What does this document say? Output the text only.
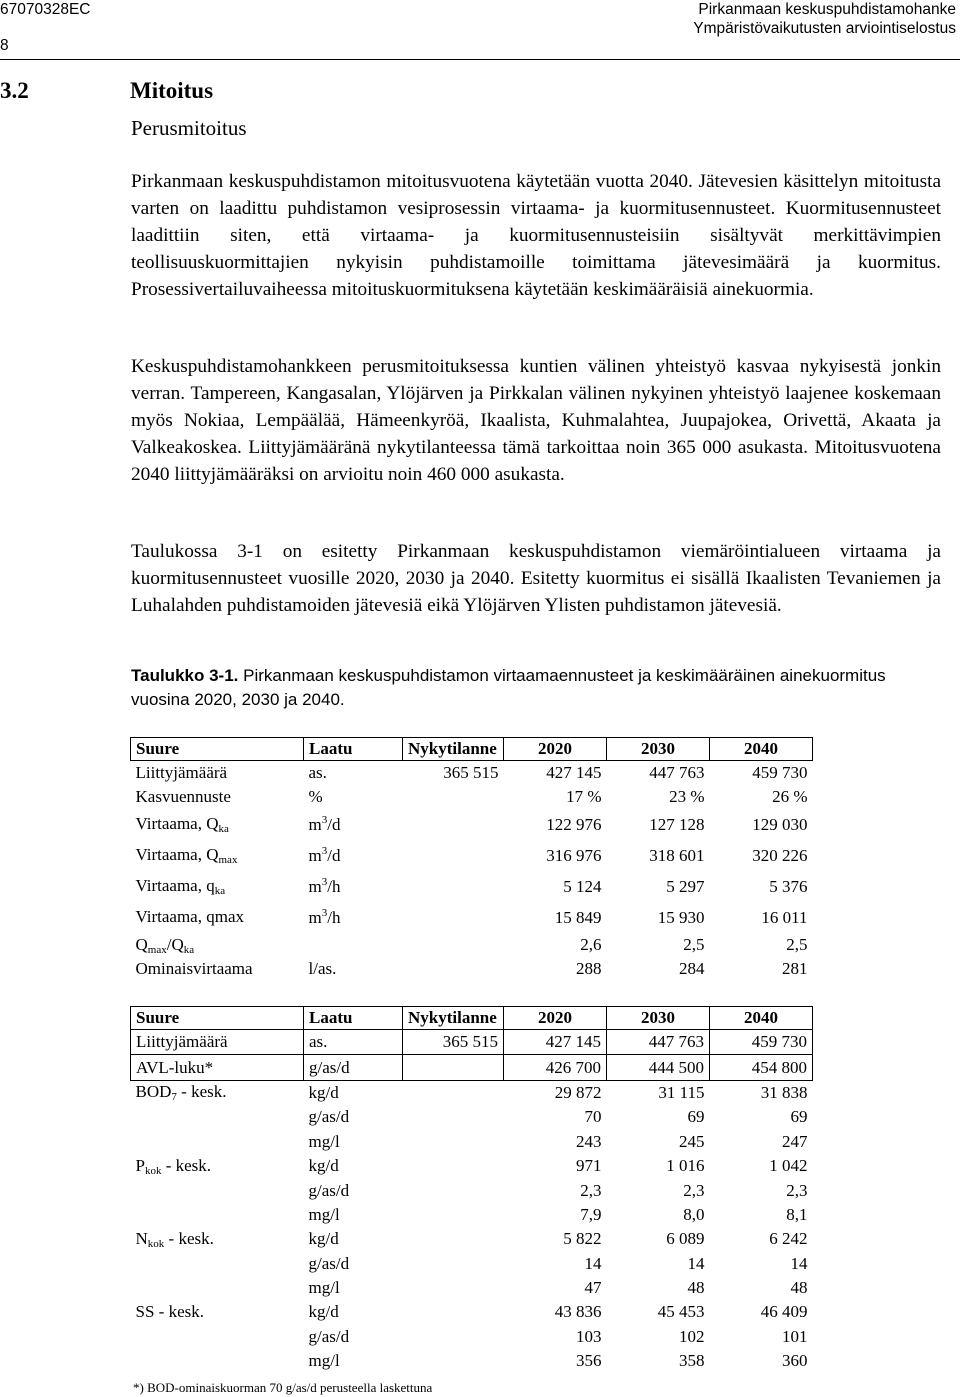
67070328EC
8
Pirkanmaan keskuspuhdistamohanke
Ympäristövaikutusten arviointiselostus
3.2	Mitoitus
Perusmitoitus
Pirkanmaan keskuspuhdistamon mitoitusvuotena käytetään vuotta 2040. Jätevesien käsittelyn mitoitusta varten on laadittu puhdistamon vesiprosessin virtaama- ja kuormitusennusteet. Kuormitusennusteet laadittiin siten, että virtaama- ja kuormitusennusteisiin sisältyvät merkittävimpien teollisuuskuormittajien nykyisin puhdistamoille toimittama jätevesimäärä ja kuormitus. Prosessivertailuvaiheessa mitoituskuormituksena käytetään keskimääräisiä ainekuormia.
Keskuspuhdistamohankkeen perusmitoituksessa kuntien välinen yhteistyö kasvaa nykyisestä jonkin verran. Tampereen, Kangasalan, Ylöjärven ja Pirkkalan välinen nykyinen yhteistyö laajenee koskemaan myös Nokiaa, Lempäälää, Hämeenkyröä, Ikaalista, Kuhmalahtea, Juupajokea, Orivettä, Akaata ja Valkeakoskea. Liittyjämääränä nykytilanteessa tämä tarkoittaa noin 365 000 asukasta. Mitoitusvuotena 2040 liittyjämääräksi on arvioitu noin 460 000 asukasta.
Taulukossa 3-1 on esitetty Pirkanmaan keskuspuhdistamon viemäröintialueen virtaama ja kuormitusennusteet vuosille 2020, 2030 ja 2040. Esitetty kuormitus ei sisällä Ikaalisten Tevaniemen ja Luhalahden puhdistamoiden jätevesiä eikä Ylöjärven Ylisten puhdistamon jätevesiä.
Taulukko 3-1. Pirkanmaan keskuspuhdistamon virtaamaennusteet ja keskimääräinen ainekuormitus vuosina 2020, 2030 ja 2040.
Suure	Laatu	Nykytilanne	2020	2030	2040
Liittyjämäärä	as.	365 515	427 145	447 763	459 730
Kasvuennuste	%		17 %	23 %	26 %
Virtaama, $Q_{ka}$	$m^3/d$		122 976	127 128	129 030
Virtaama, $Q_{max}$	$m^3/d$		316 976	318 601	320 226
Virtaama, $q_{ka}$	$m^3/h$		5 124	5 297	5 376
Virtaama, qmax	$m^3/h$		15 849	15 930	16 011
$Q_{max}/Q_{ka}$			2,6	2,5	2,5
Ominaisvirtaama	l/as.		288	284	281
Suure	Laatu	Nykytilanne	2020	2030	2040
Liittyjämäärä	as.	365 515	427 145	447 763	459 730
AVL-luku*	g/as/d		426 700	444 500	454 800
$BOD_7$ - kesk.	kg/d		29 872	31 115	31 838
	g/as/d		70	69	69
	mg/l		243	245	247
$P_{kok}$ - kesk.	kg/d		971	1 016	1 042
	g/as/d		2,3	2,3	2,3
	mg/l		7,9	8,0	8,1
$N_{kok}$ - kesk.	kg/d		5 822	6 089	6 242
	g/as/d		14	14	14
	mg/l		47	48	48
SS - kesk.	kg/d		43 836	45 453	46 409
	g/as/d		103	102	101
	mg/l		356	358	360
*) BOD-ominaiskuorman 70 g/as/d perusteella laskettuna
